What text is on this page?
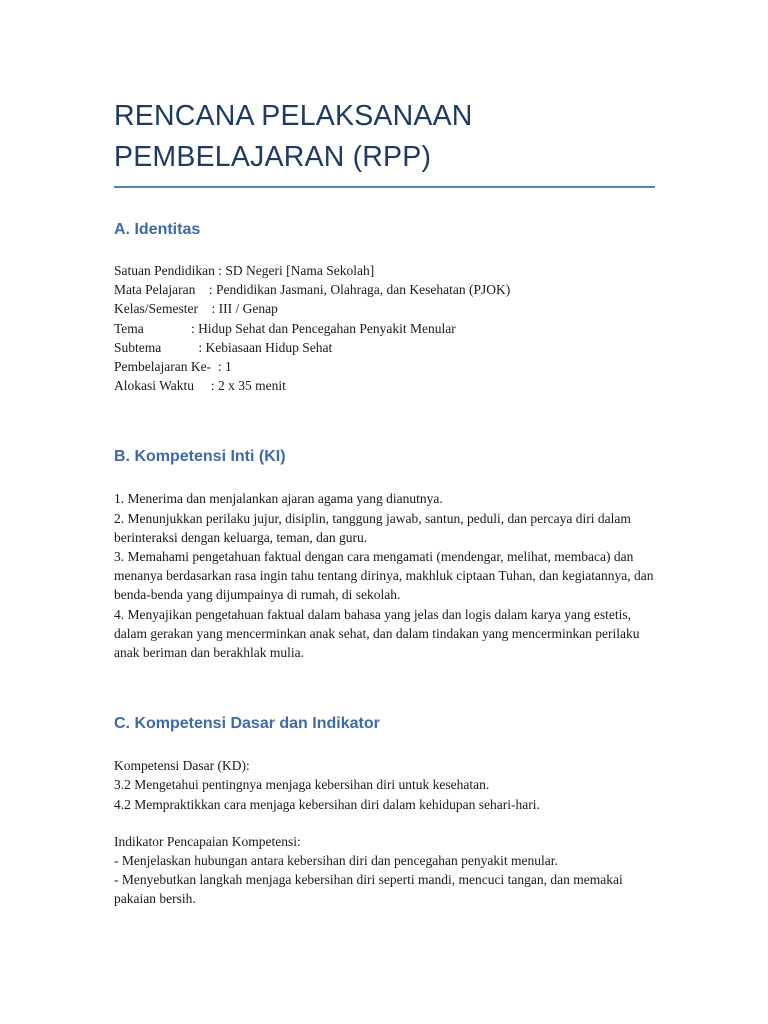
RENCANA PELAKSANAAN
PEMBELAJARAN (RPP)
A. Identitas
Satuan Pendidikan : SD Negeri [Nama Sekolah]
Mata Pelajaran    : Pendidikan Jasmani, Olahraga, dan Kesehatan (PJOK)
Kelas/Semester    : III / Genap
Tema              : Hidup Sehat dan Pencegahan Penyakit Menular
Subtema           : Kebiasaan Hidup Sehat
Pembelajaran Ke-  : 1
Alokasi Waktu     : 2 x 35 menit
B. Kompetensi Inti (KI)
1. Menerima dan menjalankan ajaran agama yang dianutnya.
2. Menunjukkan perilaku jujur, disiplin, tanggung jawab, santun, peduli, dan percaya diri dalam berinteraksi dengan keluarga, teman, dan guru.
3. Memahami pengetahuan faktual dengan cara mengamati (mendengar, melihat, membaca) dan menanya berdasarkan rasa ingin tahu tentang dirinya, makhluk ciptaan Tuhan, dan kegiatannya, dan benda-benda yang dijumpainya di rumah, di sekolah.
4. Menyajikan pengetahuan faktual dalam bahasa yang jelas dan logis dalam karya yang estetis, dalam gerakan yang mencerminkan anak sehat, dan dalam tindakan yang mencerminkan perilaku anak beriman dan berakhlak mulia.
C. Kompetensi Dasar dan Indikator
Kompetensi Dasar (KD):
3.2 Mengetahui pentingnya menjaga kebersihan diri untuk kesehatan.
4.2 Mempraktikkan cara menjaga kebersihan diri dalam kehidupan sehari-hari.
Indikator Pencapaian Kompetensi:
- Menjelaskan hubungan antara kebersihan diri dan pencegahan penyakit menular.
- Menyebutkan langkah menjaga kebersihan diri seperti mandi, mencuci tangan, dan memakai pakaian bersih.
